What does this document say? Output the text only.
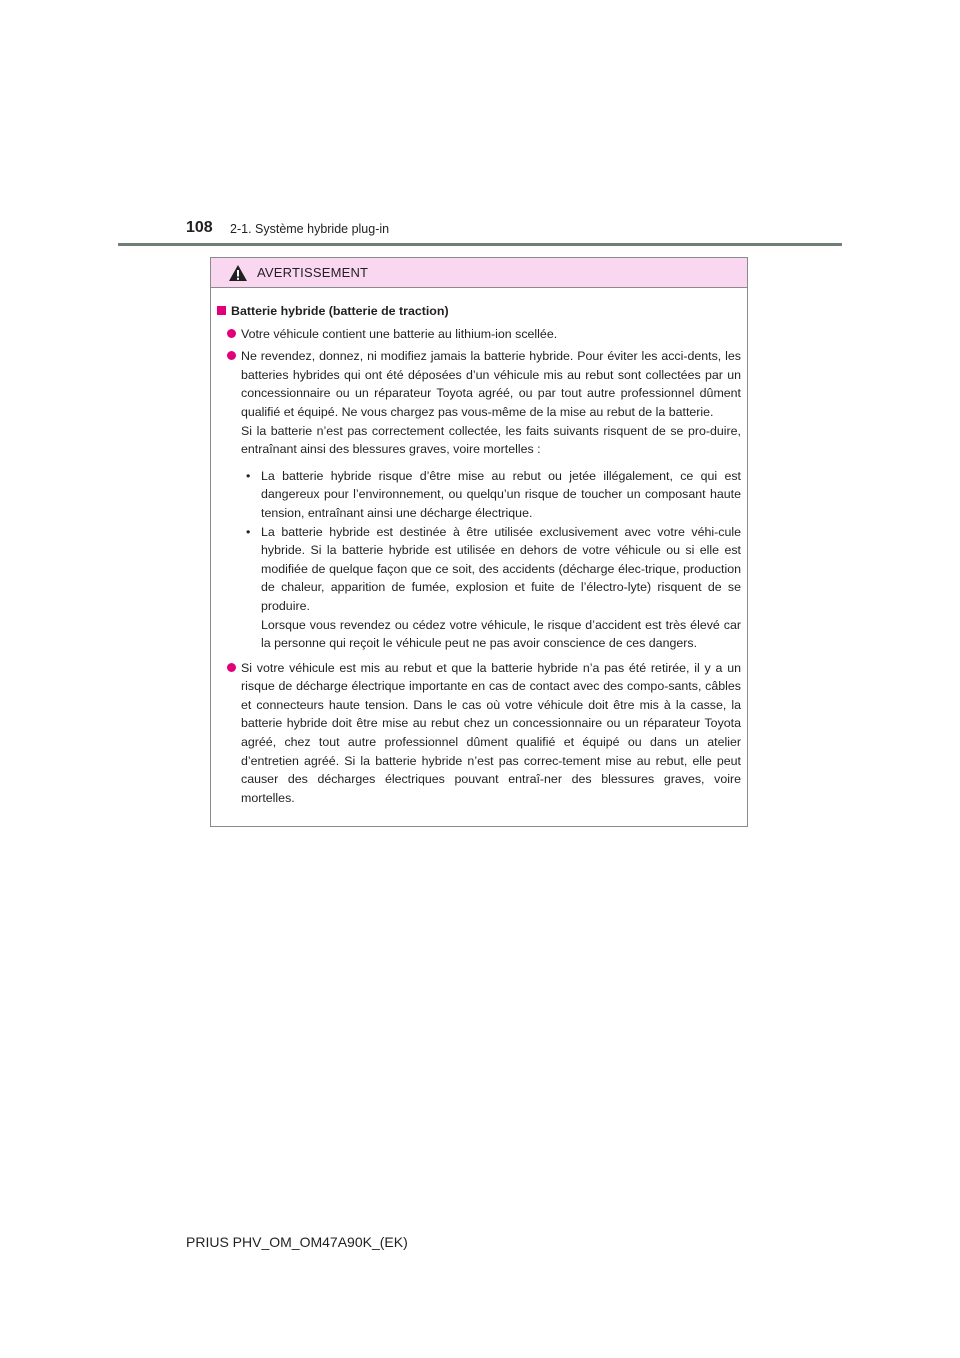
108 2-1. Système hybride plug-in
AVERTISSEMENT
Batterie hybride (batterie de traction)

Votre véhicule contient une batterie au lithium-ion scellée.

Ne revendez, donnez, ni modifiez jamais la batterie hybride. Pour éviter les acci-dents, les batteries hybrides qui ont été déposées d’un véhicule mis au rebut sont collectées par un concessionnaire ou un réparateur Toyota agréé, ou par tout autre professionnel dûment qualifié et équipé. Ne vous chargez pas vous-même de la mise au rebut de la batterie.

Si la batterie n’est pas correctement collectée, les faits suivants risquent de se pro-duire, entraînant ainsi des blessures graves, voire mortelles :

• La batterie hybride risque d’être mise au rebut ou jetée illégalement, ce qui est dangereux pour l’environnement, ou quelqu’un risque de toucher un composant haute tension, entraînant ainsi une décharge électrique.

• La batterie hybride est destinée à être utilisée exclusivement avec votre véhi-cule hybride. Si la batterie hybride est utilisée en dehors de votre véhicule ou si elle est modifiée de quelque façon que ce soit, des accidents (décharge élec-trique, production de chaleur, apparition de fumée, explosion et fuite de l’électro-lyte) risquent de se produire.

Lorsque vous revendez ou cédez votre véhicule, le risque d’accident est très élevé car la personne qui reçoit le véhicule peut ne pas avoir conscience de ces dangers.

Si votre véhicule est mis au rebut et que la batterie hybride n’a pas été retirée, il y a un risque de décharge électrique importante en cas de contact avec des compo-sants, câbles et connecteurs haute tension. Dans le cas où votre véhicule doit être mis à la casse, la batterie hybride doit être mise au rebut chez un concessionnaire ou un réparateur Toyota agréé, chez tout autre professionnel dûment qualifié et équipé ou dans un atelier d’entretien agréé. Si la batterie hybride n’est pas correc-tement mise au rebut, elle peut causer des décharges électriques pouvant entraî-ner des blessures graves, voire mortelles.

PRIUS PHV_OM_OM47A90K_(EK)
